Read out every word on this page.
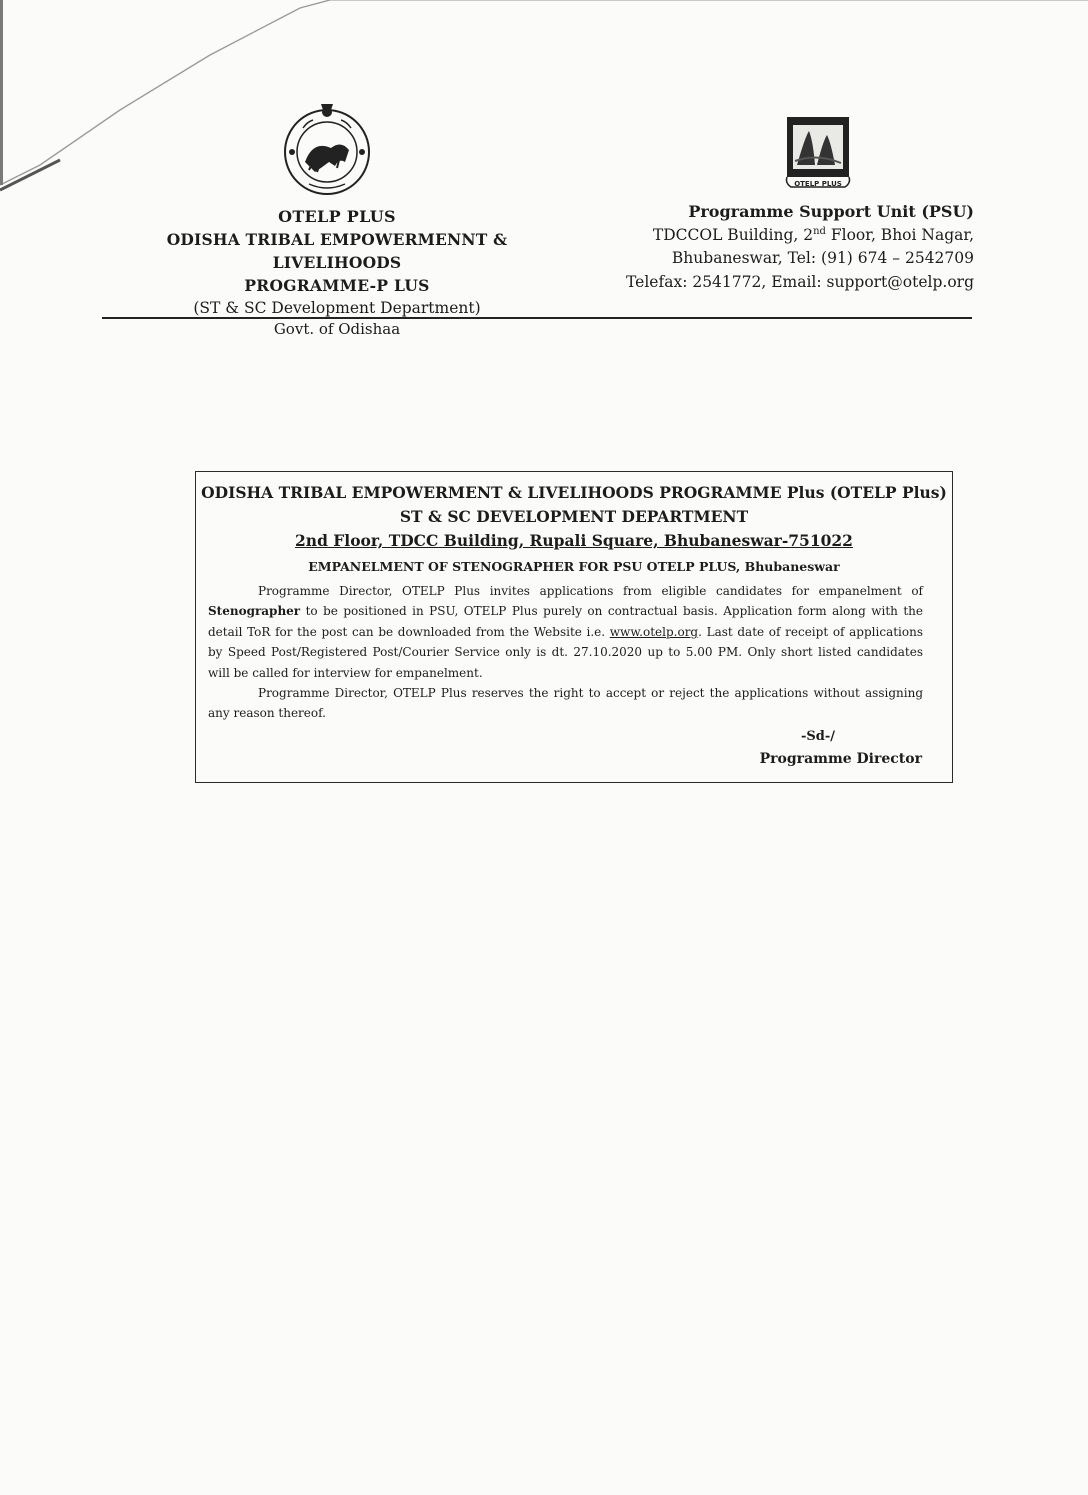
OTELP PLUS
OTELP PLUS
ODISHA TRIBAL EMPOWERMENNT & LIVELIHOODS
PROGRAMME-P LUS
(ST & SC Development Department)
Govt. of Odishaa
Programme Support Unit (PSU)
TDCCOL Building, 2nd Floor, Bhoi Nagar,
Bhubaneswar, Tel: (91) 674 – 2542709
Telefax: 2541772, Email: support@otelp.org
ODISHA TRIBAL EMPOWERMENT & LIVELIHOODS PROGRAMME Plus (OTELP Plus)
ST & SC DEVELOPMENT DEPARTMENT
2nd Floor, TDCC Building, Rupali Square, Bhubaneswar-751022
EMPANELMENT OF STENOGRAPHER FOR PSU OTELP PLUS, Bhubaneswar

Programme Director, OTELP Plus invites applications from eligible candidates for empanelment of Stenographer to be positioned in PSU, OTELP Plus purely on contractual basis. Application form along with the detail ToR for the post can be downloaded from the Website i.e. www.otelp.org. Last date of receipt of applications by Speed Post/Registered Post/Courier Service only is dt. 27.10.2020 up to 5.00 PM. Only short listed candidates will be called for interview for empanelment.

Programme Director, OTELP Plus reserves the right to accept or reject the applications without assigning any reason thereof.

-Sd-/
Programme Director
